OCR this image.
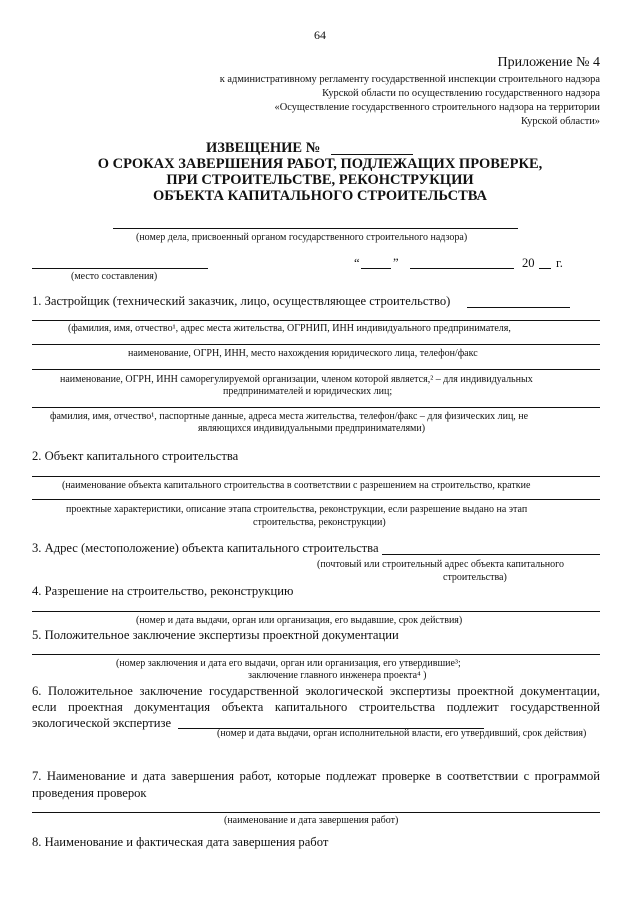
64
Приложение № 4
к административному регламенту государственной инспекции строительного надзора
Курской области по осуществлению государственного надзора
«Осуществление государственного строительного надзора на территории
Курской области»
ИЗВЕЩЕНИЕ №
О СРОКАХ ЗАВЕРШЕНИЯ РАБОТ, ПОДЛЕЖАЩИХ ПРОВЕРКЕ,
ПРИ СТРОИТЕЛЬСТВЕ, РЕКОНСТРУКЦИИ
ОБЪЕКТА КАПИТАЛЬНОГО СТРОИТЕЛЬСТВА
(номер дела, присвоенный органом государственного строительного надзора)
(место составления)
“	”	20 г.
1. Застройщик (технический заказчик, лицо, осуществляющее строительство)
(фамилия, имя, отчество¹, адрес места жительства, ОГРНИП, ИНН индивидуального предпринимателя,
наименование, ОГРН, ИНН, место нахождения юридического лица, телефон/факс
наименование, ОГРН, ИНН саморегулируемой организации, членом которой является,² – для индивидуальных
предпринимателей и юридических лиц;
фамилия, имя, отчество¹, паспортные данные, адреса места жительства, телефон/факс – для физических лиц, не
являющихся индивидуальными предпринимателями)
2. Объект капитального строительства
(наименование объекта капитального строительства в соответствии с разрешением на строительство, краткие
проектные характеристики, описание этапа строительства, реконструкции, если разрешение выдано на этап
строительства, реконструкции)
3. Адрес (местоположение) объекта капитального строительства
(почтовый или строительный адрес объекта капитального
строительства)
4. Разрешение на строительство, реконструкцию
(номер и дата выдачи, орган или организация, его выдавшие, срок действия)
5. Положительное заключение экспертизы проектной документации
(номер заключения и дата его выдачи, орган или организация, его утвердившие³;
заключение главного инженера проекта⁴ )
6. Положительное заключение государственной экологической экспертизы проектной документации,
если проектная документация объекта капитального строительства подлежит государственной
экологической экспертизе
(номер и дата выдачи, орган исполнительной власти, его утвердивший, срок действия)
7. Наименование и дата завершения работ, которые подлежат проверке в соответствии с программой
проведения проверок
(наименование и дата завершения работ)
8. Наименование и фактическая дата завершения работ
